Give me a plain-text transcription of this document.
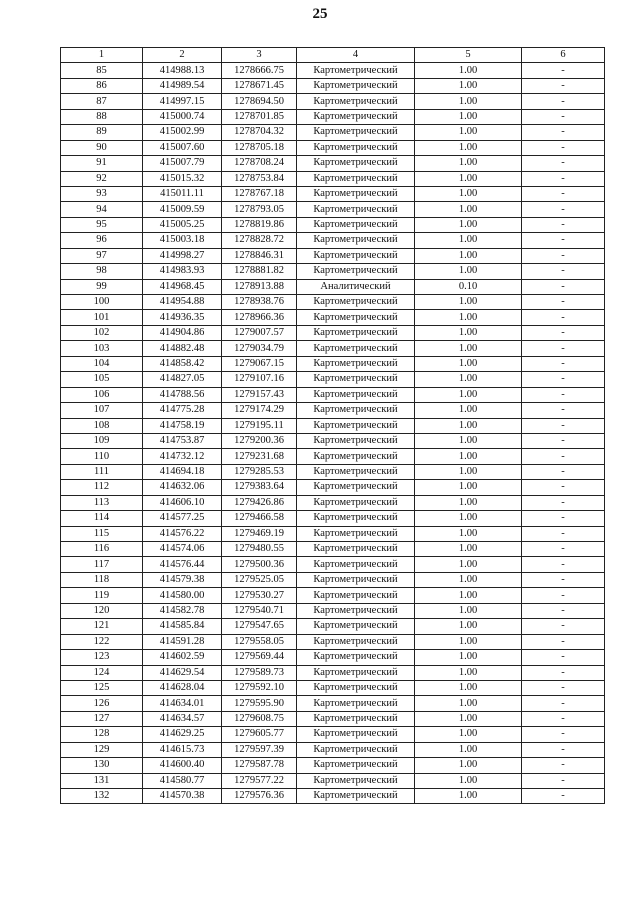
25
1	2	3	4	5	6
85	414988.13	1278666.75	Картометрический	1.00	-
86	414989.54	1278671.45	Картометрический	1.00	-
87	414997.15	1278694.50	Картометрический	1.00	-
88	415000.74	1278701.85	Картометрический	1.00	-
89	415002.99	1278704.32	Картометрический	1.00	-
90	415007.60	1278705.18	Картометрический	1.00	-
91	415007.79	1278708.24	Картометрический	1.00	-
92	415015.32	1278753.84	Картометрический	1.00	-
93	415011.11	1278767.18	Картометрический	1.00	-
94	415009.59	1278793.05	Картометрический	1.00	-
95	415005.25	1278819.86	Картометрический	1.00	-
96	415003.18	1278828.72	Картометрический	1.00	-
97	414998.27	1278846.31	Картометрический	1.00	-
98	414983.93	1278881.82	Картометрический	1.00	-
99	414968.45	1278913.88	Аналитический	0.10	-
100	414954.88	1278938.76	Картометрический	1.00	-
101	414936.35	1278966.36	Картометрический	1.00	-
102	414904.86	1279007.57	Картометрический	1.00	-
103	414882.48	1279034.79	Картометрический	1.00	-
104	414858.42	1279067.15	Картометрический	1.00	-
105	414827.05	1279107.16	Картометрический	1.00	-
106	414788.56	1279157.43	Картометрический	1.00	-
107	414775.28	1279174.29	Картометрический	1.00	-
108	414758.19	1279195.11	Картометрический	1.00	-
109	414753.87	1279200.36	Картометрический	1.00	-
110	414732.12	1279231.68	Картометрический	1.00	-
111	414694.18	1279285.53	Картометрический	1.00	-
112	414632.06	1279383.64	Картометрический	1.00	-
113	414606.10	1279426.86	Картометрический	1.00	-
114	414577.25	1279466.58	Картометрический	1.00	-
115	414576.22	1279469.19	Картометрический	1.00	-
116	414574.06	1279480.55	Картометрический	1.00	-
117	414576.44	1279500.36	Картометрический	1.00	-
118	414579.38	1279525.05	Картометрический	1.00	-
119	414580.00	1279530.27	Картометрический	1.00	-
120	414582.78	1279540.71	Картометрический	1.00	-
121	414585.84	1279547.65	Картометрический	1.00	-
122	414591.28	1279558.05	Картометрический	1.00	-
123	414602.59	1279569.44	Картометрический	1.00	-
124	414629.54	1279589.73	Картометрический	1.00	-
125	414628.04	1279592.10	Картометрический	1.00	-
126	414634.01	1279595.90	Картометрический	1.00	-
127	414634.57	1279608.75	Картометрический	1.00	-
128	414629.25	1279605.77	Картометрический	1.00	-
129	414615.73	1279597.39	Картометрический	1.00	-
130	414600.40	1279587.78	Картометрический	1.00	-
131	414580.77	1279577.22	Картометрический	1.00	-
132	414570.38	1279576.36	Картометрический	1.00	-
